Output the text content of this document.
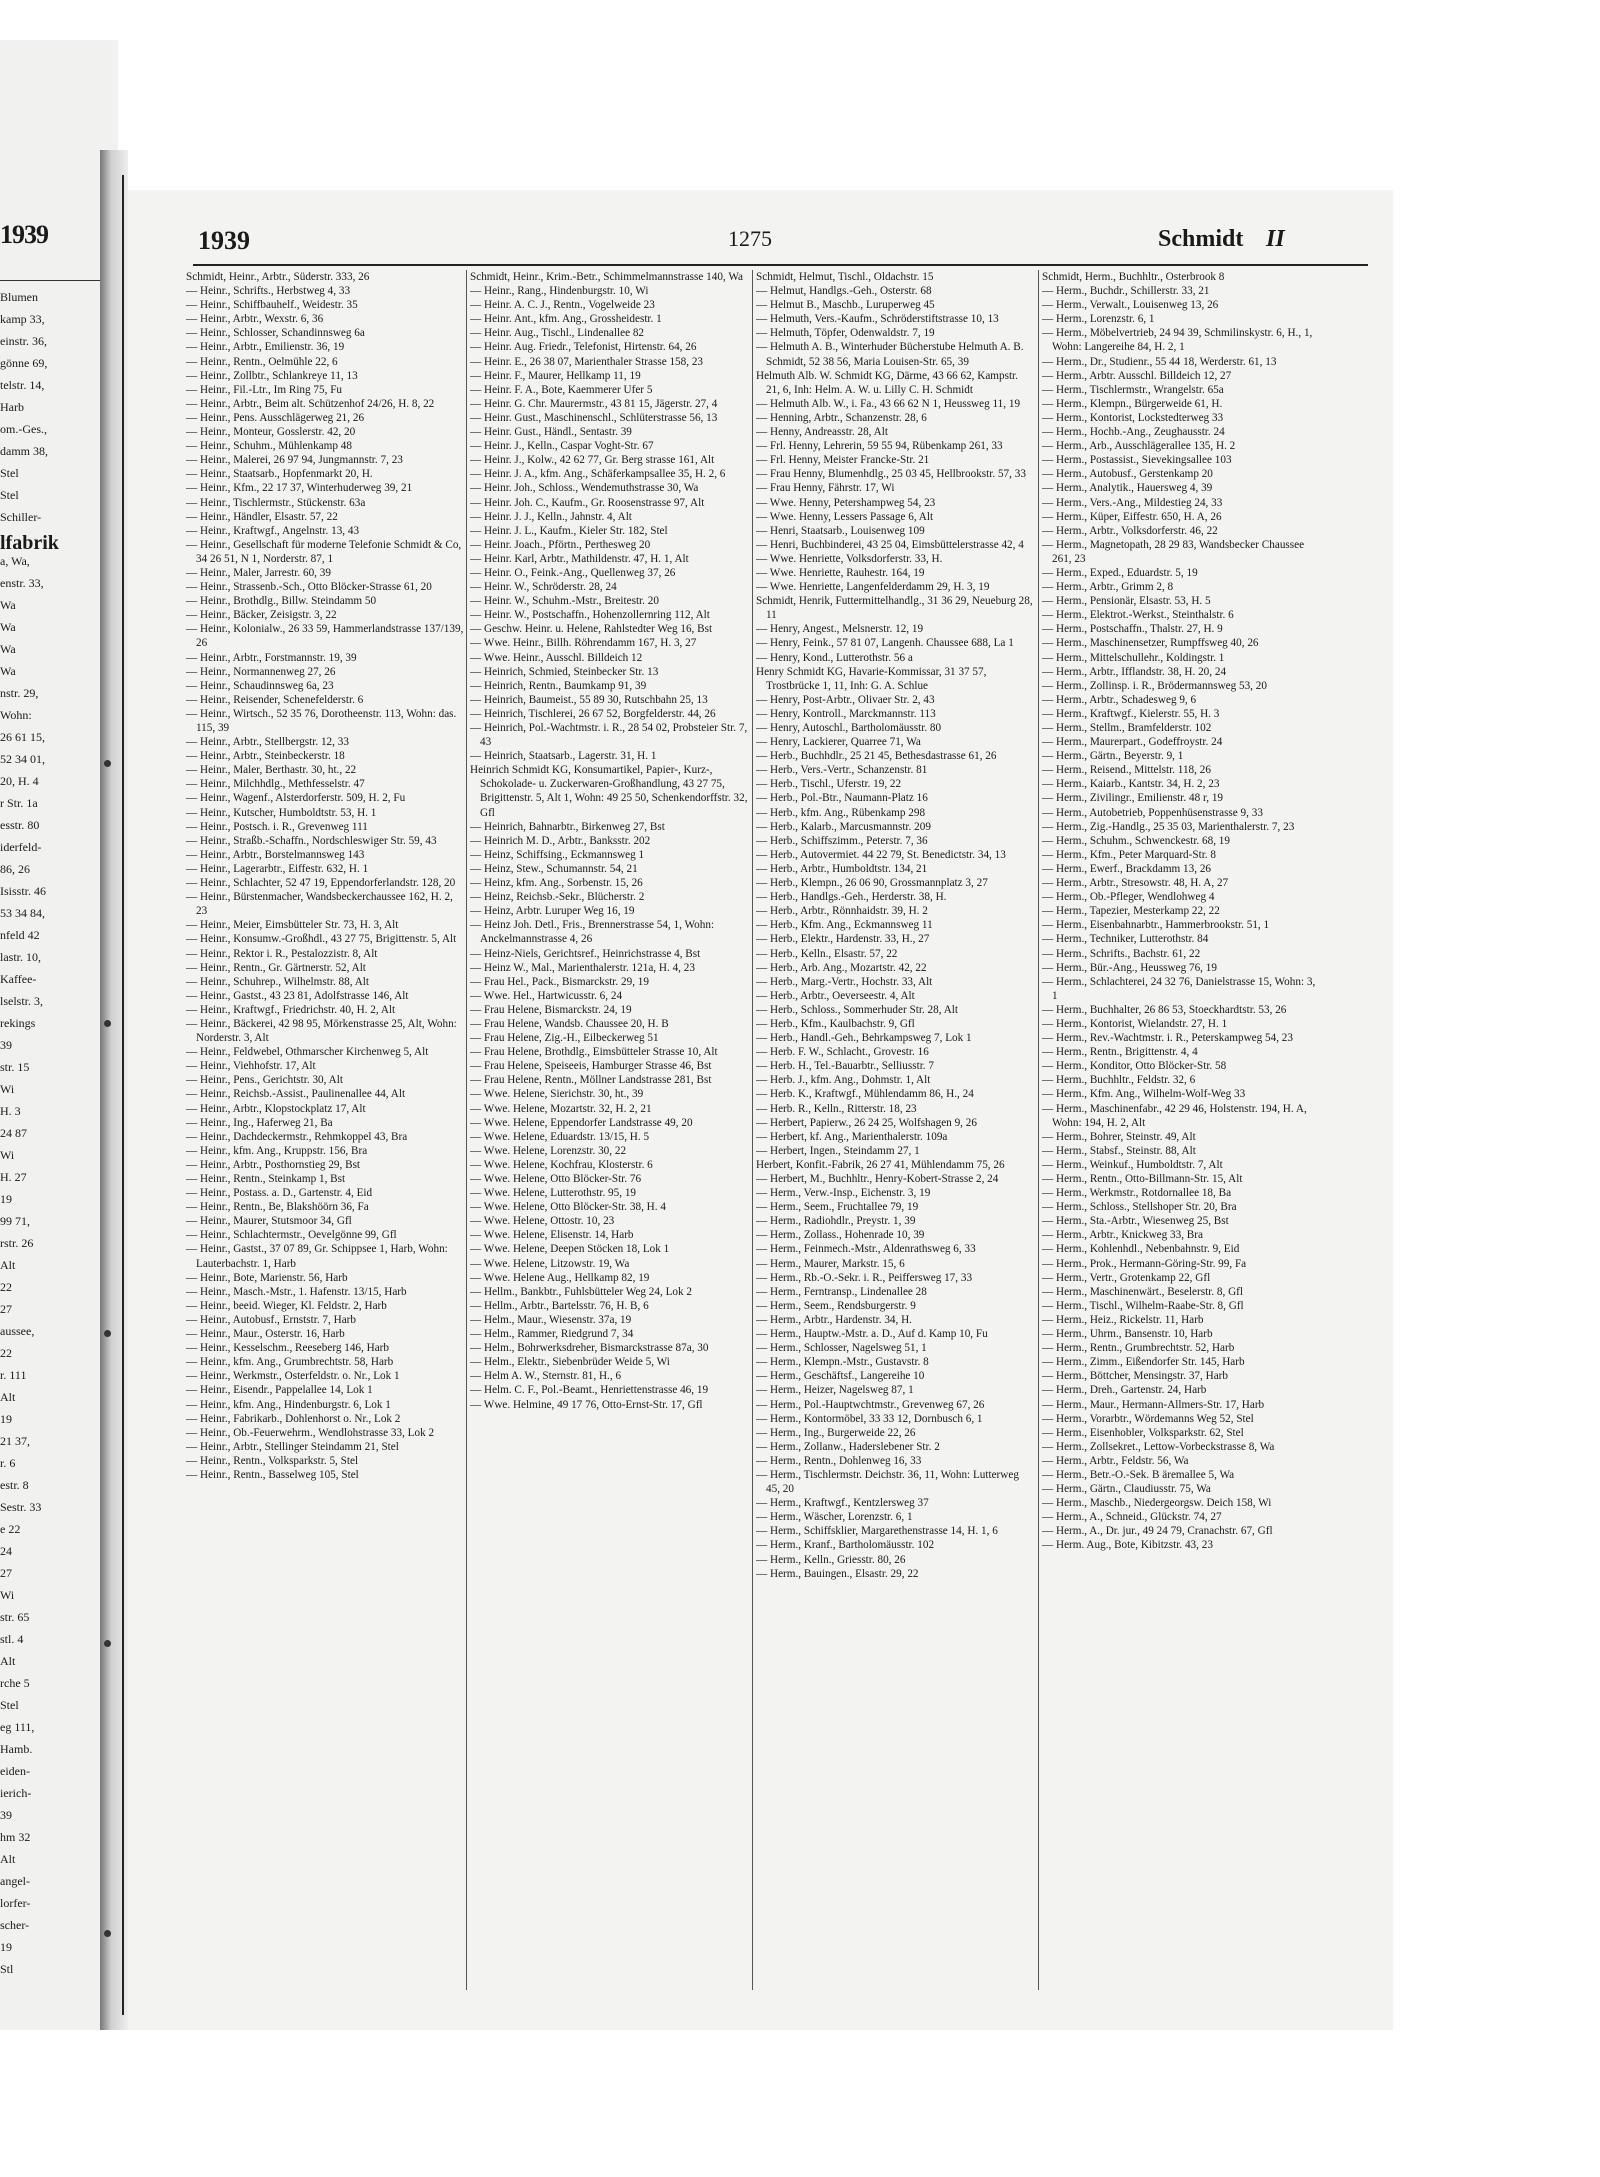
1939
Blumen
kamp 33,
einstr. 36,
gönne 69,
telstr. 14,
Harb
om.-Ges.,
damm 38,
Stel
Stel
Schiller-
lfabrik
a, Wa,
enstr. 33,
Wa
Wa
Wa
Wa
nstr. 29,
Wohn:
26 61 15,
52 34 01,
20, H. 4
r Str. 1a
esstr. 80
iderfeld-
86, 26
Isisstr. 46
53 34 84,
nfeld 42
lastr. 10,
Kaffee-
lselstr. 3,
rekings
39
str. 15
Wi
H. 3
24 87
Wi
H. 27
19
99 71,
rstr. 26
Alt
22
27
aussee,
22
r. 111
Alt
19
21 37,
r. 6
estr. 8
Sestr. 33
e 22
24
27
Wi
str. 65
stl. 4
Alt
rche 5
Stel
eg 111,
Hamb.
eiden-
ierich-
39
hm 32
Alt
angel-
lorfer-
scher-
19
Stl
1939	1275	Schmidt II
Schmidt, Heinr., Arbtr., Süderstr. 333, 26
— Heinr., Schrifts., Herbstweg 4, 33
— Heinr., Schiffbauhelf., Weidestr. 35
— Heinr., Arbtr., Wexstr. 6, 36
— Heinr., Schlosser, Schandinnsweg 6a
— Heinr., Arbtr., Emilienstr. 36, 19
— Heinr., Rentn., Oelmühle 22, 6
— Heinr., Zollbtr., Schlankreye 11, 13
— Heinr., Fil.-Ltr., Im Ring 75, Fu
— Heinr., Arbtr., Beim alt. Schützenhof 24/26, H. 8, 22
— Heinr., Pens. Ausschlägerweg 21, 26
— Heinr., Monteur, Gosslerstr. 42, 20
— Heinr., Schuhm., Mühlenkamp 48
— Heinr., Malerei, 26 97 94, Jungmannstr. 7, 23
— Heinr., Staatsarb., Hopfenmarkt 20, H.
— Heinr., Kfm., 22 17 37, Winterhuderweg 39, 21
— Heinr., Tischlermstr., Stückenstr. 63a
— Heinr., Händler, Elsastr. 57, 22
— Heinr., Kraftwgf., Angelnstr. 13, 43
— Heinr., Gesellschaft für moderne Telefonie Schmidt & Co, 34 26 51, N 1, Norderstr. 87, 1
— Heinr., Maler, Jarrestr. 60, 39
— Heinr., Strassenb.-Sch., Otto Blöcker-Strasse 61, 20
— Heinr., Brothdlg., Billw. Steindamm 50
— Heinr., Bäcker, Zeisigstr. 3, 22
— Heinr., Kolonialw., 26 33 59, Hammerlandstrasse 137/139, 26
— Heinr., Arbtr., Forstmannstr. 19, 39
— Heinr., Normannenweg 27, 26
— Heinr., Schaudinnsweg 6a, 23
— Heinr., Reisender, Schenefelderstr. 6
— Heinr., Wirtsch., 52 35 76, Dorotheenstr. 113, Wohn: das. 115, 39
— Heinr., Arbtr., Stellbergstr. 12, 33
— Heinr., Arbtr., Steinbeckerstr. 18
— Heinr., Maler, Berthastr. 30, ht., 22
— Heinr., Milchhdlg., Methfesselstr. 47
— Heinr., Wagenf., Alsterdorferstr. 509, H. 2, Fu
— Heinr., Kutscher, Humboldtstr. 53, H. 1
— Heinr., Postsch. i. R., Grevenweg 111
— Heinr., Straßb.-Schaffn., Nordschleswiger Str. 59, 43
— Heinr., Arbtr., Borstelmannsweg 143
— Heinr., Lagerarbtr., Eiffestr. 632, H. 1
— Heinr., Schlachter, 52 47 19, Eppendorferlandstr. 128, 20
— Heinr., Bürstenmacher, Wandsbeckerchaussee 162, H. 2, 23
— Heinr., Meier, Eimsbütteler Str. 73, H. 3, Alt
— Heinr., Konsumw.-Großhdl., 43 27 75, Brigittenstr. 5, Alt
— Heinr., Rektor i. R., Pestalozzistr. 8, Alt
— Heinr., Rentn., Gr. Gärtnerstr. 52, Alt
— Heinr., Schuhrep., Wilhelmstr. 88, Alt
— Heinr., Gastst., 43 23 81, Adolfstrasse 146, Alt
— Heinr., Kraftwgf., Friedrichstr. 40, H. 2, Alt
— Heinr., Bäckerei, 42 98 95, Mörkenstrasse 25, Alt, Wohn: Norderstr. 3, Alt
— Heinr., Feldwebel, Othmarscher Kirchenweg 5, Alt
— Heinr., Viehhofstr. 17, Alt
— Heinr., Pens., Gerichtstr. 30, Alt
— Heinr., Reichsb.-Assist., Paulinenallee 44, Alt
— Heinr., Arbtr., Klopstockplatz 17, Alt
— Heinr., Ing., Haferweg 21, Ba
— Heinr., Dachdeckermstr., Rehmkoppel 43, Bra
— Heinr., kfm. Ang., Kruppstr. 156, Bra
— Heinr., Arbtr., Posthornstieg 29, Bst
— Heinr., Rentn., Steinkamp 1, Bst
— Heinr., Postass. a. D., Gartenstr. 4, Eid
— Heinr., Rentn., Be, Blakshöörn 36, Fa
— Heinr., Maurer, Stutsmoor 34, Gfl
— Heinr., Schlachtermstr., Oevelgönne 99, Gfl
— Heinr., Gastst., 37 07 89, Gr. Schippsee 1, Harb, Wohn: Lauterbachstr. 1, Harb
— Heinr., Bote, Marienstr. 56, Harb
— Heinr., Masch.-Mstr., 1. Hafenstr. 13/15, Harb
— Heinr., beeid. Wieger, Kl. Feldstr. 2, Harb
— Heinr., Autobusf., Ernststr. 7, Harb
— Heinr., Maur., Osterstr. 16, Harb
— Heinr., Kesselschm., Reeseberg 146, Harb
— Heinr., kfm. Ang., Grumbrechtstr. 58, Harb
— Heinr., Werkmstr., Osterfeldstr. o. Nr., Lok 1
— Heinr., Eisendr., Pappelallee 14, Lok 1
— Heinr., kfm. Ang., Hindenburgstr. 6, Lok 1
— Heinr., Fabrikarb., Dohlenhorst o. Nr., Lok 2
— Heinr., Ob.-Feuerwehrm., Wendlohstrasse 33, Lok 2
— Heinr., Arbtr., Stellinger Steindamm 21, Stel
— Heinr., Rentn., Volksparkstr. 5, Stel
— Heinr., Rentn., Basselweg 105, Stel
Schmidt, Heinr., Krim.-Betr., Schimmelmannstrasse 140, Wa
— Heinr., Rang., Hindenburgstr. 10, Wi
— Heinr. A. C. J., Rentn., Vogelweide 23
— Heinr. Ant., kfm. Ang., Grossheidestr. 1
— Heinr. Aug., Tischl., Lindenallee 82
— Heinr. Aug. Friedr., Telefonist, Hirtenstr. 64, 26
— Heinr. E., 26 38 07, Marienthaler Strasse 158, 23
— Heinr. F., Maurer, Hellkamp 11, 19
— Heinr. F. A., Bote, Kaemmerer Ufer 5
— Heinr. G. Chr. Maurermstr., 43 81 15, Jägerstr. 27, 4
— Heinr. Gust., Maschinenschl., Schlüterstrasse 56, 13
— Heinr. Gust., Händl., Sentastr. 39
— Heinr. J., Kelln., Caspar Voght-Str. 67
— Heinr. J., Kolw., 42 62 77, Gr. Berg strasse 161, Alt
— Heinr. J. A., kfm. Ang., Schäferkampsallee 35, H. 2, 6
— Heinr. Joh., Schloss., Wendemuthstrasse 30, Wa
— Heinr. Joh. C., Kaufm., Gr. Roosenstrasse 97, Alt
— Heinr. J. J., Kelln., Jahnstr. 4, Alt
— Heinr. J. L., Kaufm., Kieler Str. 182, Stel
— Heinr. Joach., Pförtn., Perthesweg 20
— Heinr. Karl, Arbtr., Mathildenstr. 47, H. 1, Alt
— Heinr. O., Feink.-Ang., Quellenweg 37, 26
— Heinr. W., Schröderstr. 28, 24
— Heinr. W., Schuhm.-Mstr., Breitestr. 20
— Heinr. W., Postschaffn., Hohenzollernring 112, Alt
— Geschw. Heinr. u. Helene, Rahlstedter Weg 16, Bst
— Wwe. Heinr., Billh. Röhrendamm 167, H. 3, 27
— Wwe. Heinr., Ausschl. Billdeich 12
— Heinrich, Schmied, Steinbecker Str. 13
— Heinrich, Rentn., Baumkamp 91, 39
— Heinrich, Baumeist., 55 89 30, Rutschbahn 25, 13
— Heinrich, Tischlerei, 26 67 52, Borgfelderstr. 44, 26
— Heinrich, Pol.-Wachtmstr. i. R., 28 54 02, Probsteier Str. 7, 43
— Heinrich, Staatsarb., Lagerstr. 31, H. 1
Heinrich Schmidt KG, Konsumartikel, Papier-, Kurz-, Schokolade- u. Zuckerwaren-Großhandlung, 43 27 75, Brigittenstr. 5, Alt 1, Wohn: 49 25 50, Schenkendorffstr. 32, Gfl
— Heinrich, Bahnarbtr., Birkenweg 27, Bst
— Heinrich M. D., Arbtr., Banksstr. 202
— Heinz, Schiffsing., Eckmannsweg 1
— Heinz, Stew., Schumannstr. 54, 21
— Heinz, kfm. Ang., Sorbenstr. 15, 26
— Heinz, Reichsb.-Sekr., Blücherstr. 2
— Heinz, Arbtr. Luruper Weg 16, 19
— Heinz Joh. Detl., Fris., Brennerstrasse 54, 1, Wohn: Anckelmannstrasse 4, 26
— Heinz-Niels, Gerichtsref., Heinrichstrasse 4, Bst
— Heinz W., Mal., Marienthalerstr. 121a, H. 4, 23
— Frau Hel., Pack., Bismarckstr. 29, 19
— Wwe. Hel., Hartwicusstr. 6, 24
— Frau Helene, Bismarckstr. 24, 19
— Frau Helene, Wandsb. Chaussee 20, H. B
— Frau Helene, Zig.-H., Eilbeckerweg 51
— Frau Helene, Brothdlg., Eimsbütteler Strasse 10, Alt
— Frau Helene, Speiseeis, Hamburger Strasse 46, Bst
— Frau Helene, Rentn., Möllner Landstrasse 281, Bst
— Wwe. Helene, Sierichstr. 30, ht., 39
— Wwe. Helene, Mozartstr. 32, H. 2, 21
— Wwe. Helene, Eppendorfer Landstrasse 49, 20
— Wwe. Helene, Eduardstr. 13/15, H. 5
— Wwe. Helene, Lorenzstr. 30, 22
— Wwe. Helene, Kochfrau, Klosterstr. 6
— Wwe. Helene, Otto Blöcker-Str. 76
— Wwe. Helene, Lutterothstr. 95, 19
— Wwe. Helene, Otto Blöcker-Str. 38, H. 4
— Wwe. Helene, Ottostr. 10, 23
— Wwe. Helene, Elisenstr. 14, Harb
— Wwe. Helene, Deepen Stöcken 18, Lok 1
— Wwe. Helene, Litzowstr. 19, Wa
— Wwe. Helene Aug., Hellkamp 82, 19
— Hellm., Bankbtr., Fuhlsbütteler Weg 24, Lok 2
— Hellm., Arbtr., Bartelsstr. 76, H. B, 6
— Helm., Maur., Wiesenstr. 37a, 19
— Helm., Rammer, Riedgrund 7, 34
— Helm., Bohrwerksdreher, Bismarckstrasse 87a, 30
— Helm., Elektr., Siebenbrüder Weide 5, Wi
— Helm A. W., Sternstr. 81, H., 6
— Helm. C. F., Pol.-Beamt., Henriettenstrasse 46, 19
— Wwe. Helmine, 49 17 76, Otto-Ernst-Str. 17, Gfl
Schmidt, Helmut, Tischl., Oldachstr. 15
— Helmut, Handlgs.-Geh., Osterstr. 68
— Helmut B., Maschb., Luruperweg 45
— Helmuth, Vers.-Kaufm., Schröderstiftstrasse 10, 13
— Helmuth, Töpfer, Odenwaldstr. 7, 19
— Helmuth A. B., Winterhuder Bücherstube Helmuth A. B. Schmidt, 52 38 56, Maria Louisen-Str. 65, 39
Helmuth Alb. W. Schmidt KG, Därme, 43 66 62, Kampstr. 21, 6, Inh: Helm. A. W. u. Lilly C. H. Schmidt
— Helmuth Alb. W., i. Fa., 43 66 62 N 1, Heussweg 11, 19
— Henning, Arbtr., Schanzenstr. 28, 6
— Henny, Andreasstr. 28, Alt
— Frl. Henny, Lehrerin, 59 55 94, Rübenkamp 261, 33
— Frl. Henny, Meister Francke-Str. 21
— Frau Henny, Blumenhdlg., 25 03 45, Hellbrookstr. 57, 33
— Frau Henny, Fährstr. 17, Wi
— Wwe. Henny, Petershampweg 54, 23
— Wwe. Henny, Lessers Passage 6, Alt
— Henri, Staatsarb., Louisenweg 109
— Henri, Buchbinderei, 43 25 04, Eimsbüttelerstrasse 42, 4
— Wwe. Henriette, Volksdorferstr. 33, H.
— Wwe. Henriette, Rauhestr. 164, 19
— Wwe. Henriette, Langenfelderdamm 29, H. 3, 19
Schmidt, Henrik, Futtermittelhandlg., 31 36 29, Neueburg 28, 11
— Henry, Angest., Melsnerstr. 12, 19
— Henry, Feink., 57 81 07, Langenh. Chaussee 688, La 1
— Henry, Kond., Lutterothstr. 56 a
Henry Schmidt KG, Havarie-Kommissar, 31 37 57, Trostbrücke 1, 11, Inh: G. A. Schlue
— Henry, Post-Arbtr., Olivaer Str. 2, 43
— Henry, Kontroll., Marckmannstr. 113
— Henry, Autoschl., Bartholomäusstr. 80
— Henry, Lackierer, Quarree 71, Wa
— Herb., Buchhdlr., 25 21 45, Bethesdastrasse 61, 26
— Herb., Vers.-Vertr., Schanzenstr. 81
— Herb., Tischl., Uferstr. 19, 22
— Herb., Pol.-Btr., Naumann-Platz 16
— Herb., kfm. Ang., Rübenkamp 298
— Herb., Kalarb., Marcusmannstr. 209
— Herb., Schiffszimm., Peterstr. 7, 36
— Herb., Autovermiet. 44 22 79, St. Benedictstr. 34, 13
— Herb., Arbtr., Humboldtstr. 134, 21
— Herb., Klempn., 26 06 90, Grossmannplatz 3, 27
— Herb., Handlgs.-Geh., Herderstr. 38, H.
— Herb., Arbtr., Rönnhaidstr. 39, H. 2
— Herb., Kfm. Ang., Eckmannsweg 11
— Herb., Elektr., Hardenstr. 33, H., 27
— Herb., Kelln., Elsastr. 57, 22
— Herb., Arb. Ang., Mozartstr. 42, 22
— Herb., Marg.-Vertr., Hochstr. 33, Alt
— Herb., Arbtr., Oeverseestr. 4, Alt
— Herb., Schloss., Sommerhuder Str. 28, Alt
— Herb., Kfm., Kaulbachstr. 9, Gfl
— Herb., Handl.-Geh., Behrkampsweg 7, Lok 1
— Herb. F. W., Schlacht., Grovestr. 16
— Herb. H., Tel.-Bauarbtr., Selliusstr. 7
— Herb. J., kfm. Ang., Dohmstr. 1, Alt
— Herb. K., Kraftwgf., Mühlendamm 86, H., 24
— Herb. R., Kelln., Ritterstr. 18, 23
— Herbert, Papierw., 26 24 25, Wolfshagen 9, 26
— Herbert, kf. Ang., Marienthalerstr. 109a
— Herbert, Ingen., Steindamm 27, 1
Herbert, Konfit.-Fabrik, 26 27 41, Mühlendamm 75, 26
— Herbert, M., Buchhltr., Henry-Kobert-Strasse 2, 24
— Herm., Verw.-Insp., Eichenstr. 3, 19
— Herm., Seem., Fruchtallee 79, 19
— Herm., Radiohdlr., Preystr. 1, 39
— Herm., Zollass., Hohenrade 10, 39
— Herm., Feinmech.-Mstr., Aldenrathsweg 6, 33
— Herm., Maurer, Markstr. 15, 6
— Herm., Rb.-O.-Sekr. i. R., Peiffersweg 17, 33
— Herm., Ferntransp., Lindenallee 28
— Herm., Seem., Rendsburgerstr. 9
— Herm., Arbtr., Hardenstr. 34, H.
— Herm., Hauptw.-Mstr. a. D., Auf d. Kamp 10, Fu
— Herm., Schlosser, Nagelsweg 51, 1
— Herm., Klempn.-Mstr., Gustavstr. 8
— Herm., Geschäftsf., Langereihe 10
— Herm., Heizer, Nagelsweg 87, 1
— Herm., Pol.-Hauptwchtmstr., Grevenweg 67, 26
— Herm., Kontormöbel, 33 33 12, Dornbusch 6, 1
— Herm., Ing., Burgerweide 22, 26
— Herm., Zollanw., Haderslebener Str. 2
— Herm., Rentn., Dohlenweg 16, 33
— Herm., Tischlermstr. Deichstr. 36, 11, Wohn: Lutterweg 45, 20
— Herm., Kraftwgf., Kentzlersweg 37
— Herm., Wäscher, Lorenzstr. 6, 1
— Herm., Schiffsklier, Margarethenstrasse 14, H. 1, 6
— Herm., Kranf., Bartholomäusstr. 102
— Herm., Kelln., Griesstr. 80, 26
— Herm., Bauingen., Elsastr. 29, 22
Schmidt, Herm., Buchhltr., Osterbrook 8
— Herm., Buchdr., Schillerstr. 33, 21
— Herm., Verwalt., Louisenweg 13, 26
— Herm., Lorenzstr. 6, 1
— Herm., Möbelvertrieb, 24 94 39, Schmilinskystr. 6, H., 1, Wohn: Langereihe 84, H. 2, 1
— Herm., Dr., Studienr., 55 44 18, Werderstr. 61, 13
— Herm., Arbtr. Ausschl. Billdeich 12, 27
— Herm., Tischlermstr., Wrangelstr. 65a
— Herm., Klempn., Bürgerweide 61, H.
— Herm., Kontorist, Lockstedterweg 33
— Herm., Hochb.-Ang., Zeughausstr. 24
— Herm., Arb., Ausschlägerallee 135, H. 2
— Herm., Postassist., Sievekingsallee 103
— Herm., Autobusf., Gerstenkamp 20
— Herm., Analytik., Hauersweg 4, 39
— Herm., Vers.-Ang., Mildestieg 24, 33
— Herm., Küper, Eiffestr. 650, H. A, 26
— Herm., Arbtr., Volksdorferstr. 46, 22
— Herm., Magnetopath, 28 29 83, Wandsbecker Chaussee 261, 23
— Herm., Exped., Eduardstr. 5, 19
— Herm., Arbtr., Grimm 2, 8
— Herm., Pensionär, Elsastr. 53, H. 5
— Herm., Elektrot.-Werkst., Steinthalstr. 6
— Herm., Postschaffn., Thalstr. 27, H. 9
— Herm., Maschinensetzer, Rumpffsweg 40, 26
— Herm., Mittelschullehr., Koldingstr. 1
— Herm., Arbtr., Ifflandstr. 38, H. 20, 24
— Herm., Zollinsp. i. R., Brödermannsweg 53, 20
— Herm., Arbtr., Schadesweg 9, 6
— Herm., Kraftwgf., Kielerstr. 55, H. 3
— Herm., Stellm., Bramfelderstr. 102
— Herm., Maurerpart., Godeffroystr. 24
— Herm., Gärtn., Beyerstr. 9, 1
— Herm., Reisend., Mittelstr. 118, 26
— Herm., Kaiarb., Kantstr. 34, H. 2, 23
— Herm., Zivilingr., Emilienstr. 48 r, 19
— Herm., Autobetrieb, Poppenhüsenstrasse 9, 33
— Herm., Zig.-Handlg., 25 35 03, Marienthalerstr. 7, 23
— Herm., Schuhm., Schwenckestr. 68, 19
— Herm., Kfm., Peter Marquard-Str. 8
— Herm., Ewerf., Brackdamm 13, 26
— Herm., Arbtr., Stresowstr. 48, H. A, 27
— Herm., Ob.-Pfleger, Wendlohweg 4
— Herm., Tapezier, Mesterkamp 22, 22
— Herm., Eisenbahnarbtr., Hammerbrookstr. 51, 1
— Herm., Techniker, Lutterothstr. 84
— Herm., Schrifts., Bachstr. 61, 22
— Herm., Bür.-Ang., Heussweg 76, 19
— Herm., Schlachterei, 24 32 76, Danielstrasse 15, Wohn: 3, 1
— Herm., Buchhalter, 26 86 53, Stoeckhardtstr. 53, 26
— Herm., Kontorist, Wielandstr. 27, H. 1
— Herm., Rev.-Wachtmstr. i. R., Peterskampweg 54, 23
— Herm., Rentn., Brigittenstr. 4, 4
— Herm., Konditor, Otto Blöcker-Str. 58
— Herm., Buchhltr., Feldstr. 32, 6
— Herm., Kfm. Ang., Wilhelm-Wolf-Weg 33
— Herm., Maschinenfabr., 42 29 46, Holstenstr. 194, H. A, Wohn: 194, H. 2, Alt
— Herm., Bohrer, Steinstr. 49, Alt
— Herm., Stabsf., Steinstr. 88, Alt
— Herm., Weinkuf., Humboldtstr. 7, Alt
— Herm., Rentn., Otto-Billmann-Str. 15, Alt
— Herm., Werkmstr., Rotdornallee 18, Ba
— Herm., Schloss., Stellshoper Str. 20, Bra
— Herm., Sta.-Arbtr., Wiesenweg 25, Bst
— Herm., Arbtr., Knickweg 33, Bra
— Herm., Kohlenhdl., Nebenbahnstr. 9, Eid
— Herm., Prok., Hermann-Göring-Str. 99, Fa
— Herm., Vertr., Grotenkamp 22, Gfl
— Herm., Maschinenwärt., Beselerstr. 8, Gfl
— Herm., Tischl., Wilhelm-Raabe-Str. 8, Gfl
— Herm., Heiz., Rickelstr. 11, Harb
— Herm., Uhrm., Bansenstr. 10, Harb
— Herm., Rentn., Grumbrechtstr. 52, Harb
— Herm., Zimm., Eißendorfer Str. 145, Harb
— Herm., Böttcher, Mensingstr. 37, Harb
— Herm., Dreh., Gartenstr. 24, Harb
— Herm., Maur., Hermann-Allmers-Str. 17, Harb
— Herm., Vorarbtr., Wördemanns Weg 52, Stel
— Herm., Eisenhobler, Volksparkstr. 62, Stel
— Herm., Zollsekret., Lettow-Vorbeckstrasse 8, Wa
— Herm., Arbtr., Feldstr. 56, Wa
— Herm., Betr.-O.-Sek. B äremallee 5, Wa
— Herm., Gärtn., Claudiusstr. 75, Wa
— Herm., Maschb., Niedergeorgsw. Deich 158, Wi
— Herm., A., Schneid., Glückstr. 74, 27
— Herm., A., Dr. jur., 49 24 79, Cranachstr. 67, Gfl
— Herm. Aug., Bote, Kibitzstr. 43, 23
